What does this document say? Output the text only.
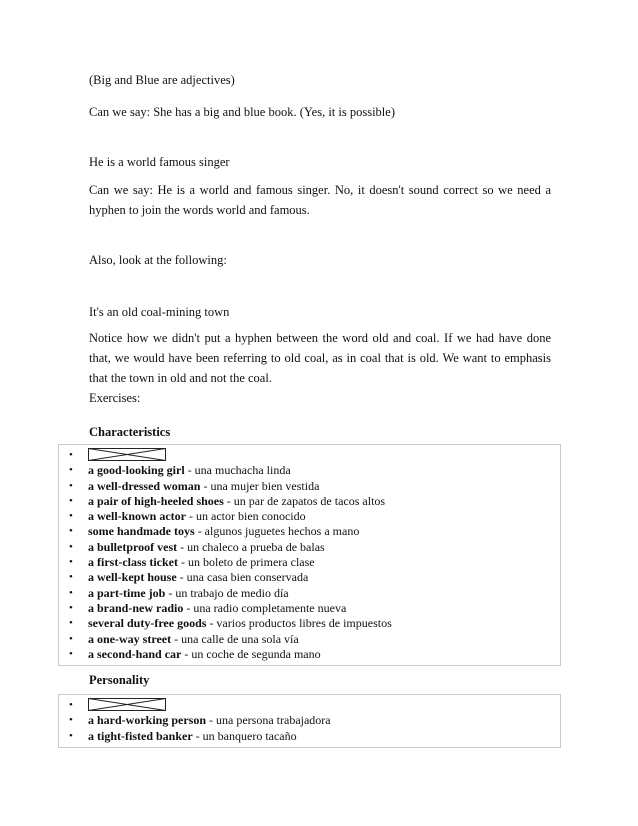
(Big and Blue are adjectives)

Can we say: She has a big and blue book. (Yes, it is possible)

He is a world famous singer

Can we say: He is a world and famous singer. No, it doesn't sound correct so we need a hyphen to join the words world and famous.

Also, look at the following:

It's an old coal-mining town

Notice how we didn't put a hyphen between the word old and coal. If we had have done that, we would have been referring to old coal, as in coal that is old. We want to emphasis that the town in old and not the coal.

Exercises:

Characteristics

•
• a good-looking girl - una muchacha linda
• a well-dressed woman - una mujer bien vestida
• a pair of high-heeled shoes - un par de zapatos de tacos altos
• a well-known actor - un actor bien conocido
• some handmade toys - algunos juguetes hechos a mano
• a bulletproof vest - un chaleco a prueba de balas
• a first-class ticket - un boleto de primera clase
• a well-kept house - una casa bien conservada
• a part-time job - un trabajo de medio día
• a brand-new radio - una radio completamente nueva
• several duty-free goods - varios productos libres de impuestos
• a one-way street - una calle de una sola vía
• a second-hand car - un coche de segunda mano

Personality

•
• a hard-working person - una persona trabajadora
• a tight-fisted banker - un banquero tacaño
